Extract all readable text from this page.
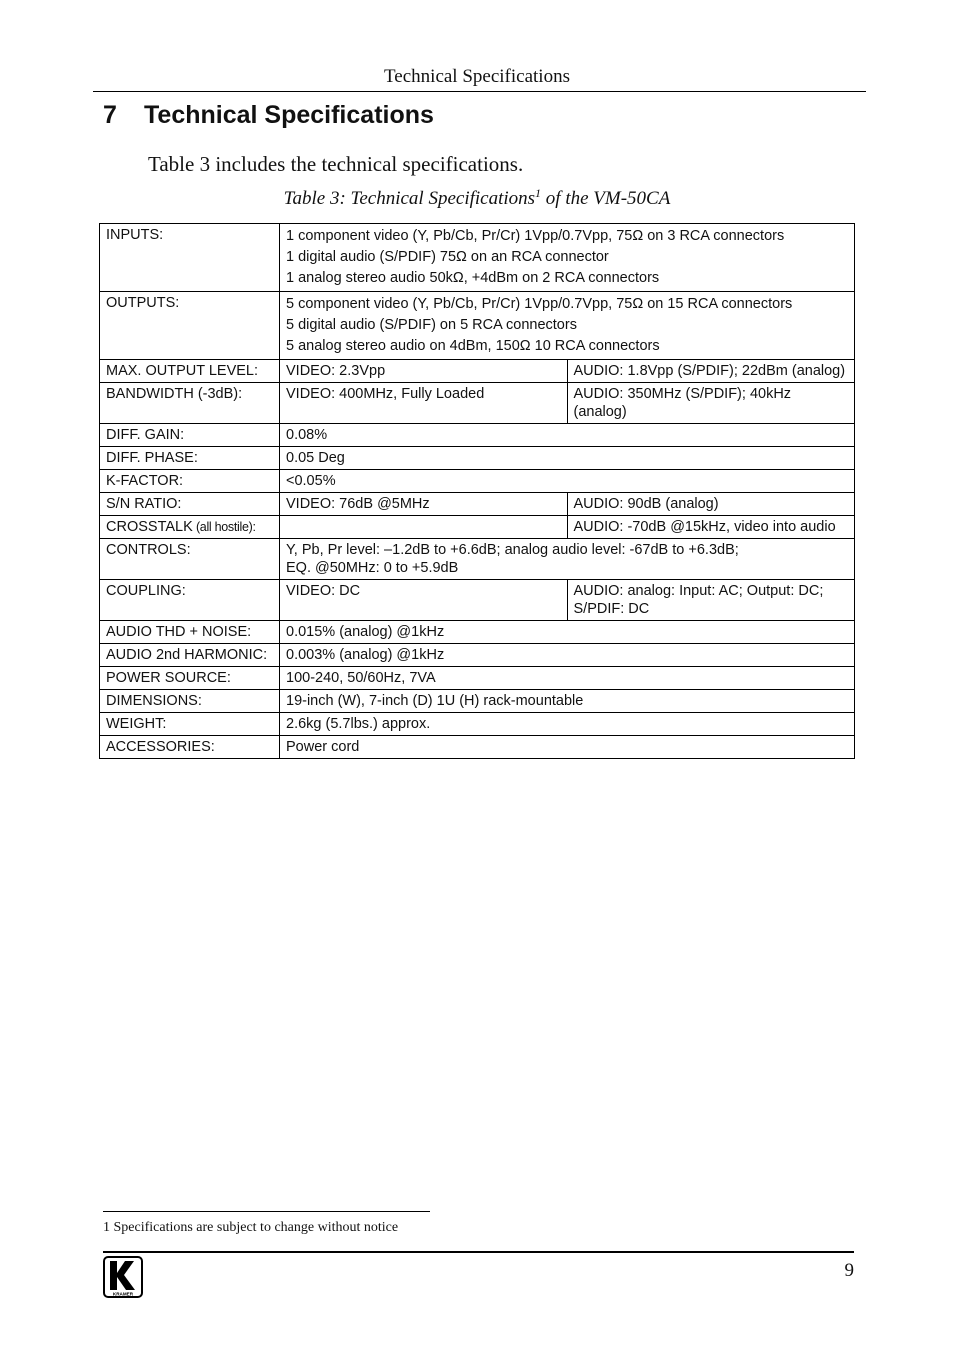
Technical Specifications
7 Technical Specifications
Table 3 includes the technical specifications.
Table 3: Technical Specifications$^1$ of the VM-50CA
INPUTS:	1 component video (Y, Pb/Cb, Pr/Cr) 1Vpp/0.7Vpp, 75Ω on 3 RCA connectors
1 digital audio (S/PDIF) 75Ω on an RCA connector
1 analog stereo audio 50kΩ, +4dBm on 2 RCA connectors	

OUTPUTS:	5 component video (Y, Pb/Cb, Pr/Cr) 1Vpp/0.7Vpp, 75Ω on 15 RCA connectors
5 digital audio (S/PDIF) on 5 RCA connectors
5 analog stereo audio on 4dBm, 150Ω 10 RCA connectors	

MAX. OUTPUT LEVEL:	VIDEO: 2.3Vpp	AUDIO: 1.8Vpp (S/PDIF); 22dBm (analog)
BANDWIDTH (-3dB):	VIDEO: 400MHz, Fully Loaded	AUDIO: 350MHz (S/PDIF); 40kHz (analog)
DIFF. GAIN:	0.08%	
DIFF. PHASE:	0.05 Deg	
K-FACTOR:	<0.05%	
S/N RATIO:	VIDEO: 76dB @5MHz	AUDIO: 90dB (analog)
CROSSTALK (all hostile):		AUDIO: -70dB @15kHz, video into audio
CONTROLS:	Y, Pb, Pr level: –1.2dB to +6.6dB; analog audio level: -67dB to +6.3dB;
EQ. @50MHz: 0 to +5.9dB	

COUPLING:	VIDEO: DC	AUDIO: analog: Input: AC; Output: DC; S/PDIF: DC
AUDIO THD + NOISE:	0.015% (analog) @1kHz	
AUDIO 2nd HARMONIC:	0.003% (analog) @1kHz	
POWER SOURCE:	100-240, 50/60Hz, 7VA	
DIMENSIONS:	19-inch (W), 7-inch (D) 1U (H) rack-mountable	
WEIGHT:	2.6kg (5.7lbs.) approx.	
ACCESSORIES:	Power cord	
1 Specifications are subject to change without notice
KRAMER
9
